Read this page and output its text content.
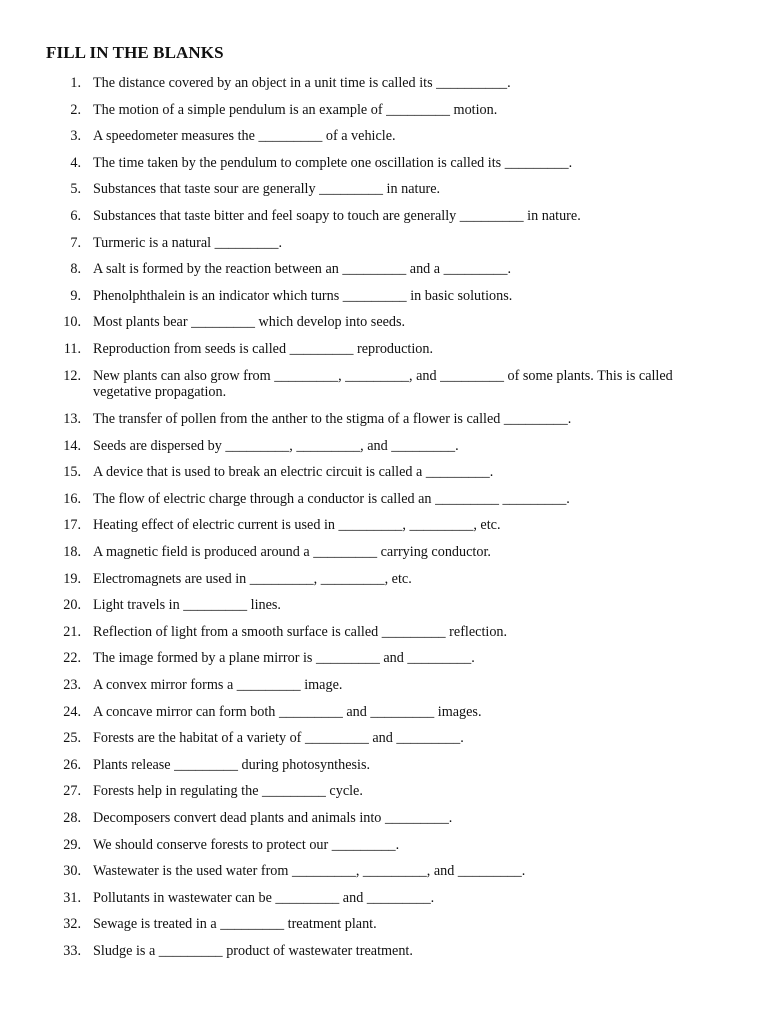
FILL IN THE BLANKS
1. The distance covered by an object in a unit time is called its __________.
2. The motion of a simple pendulum is an example of _________ motion.
3. A speedometer measures the _________ of a vehicle.
4. The time taken by the pendulum to complete one oscillation is called its _________.
5. Substances that taste sour are generally _________ in nature.
6. Substances that taste bitter and feel soapy to touch are generally _________ in nature.
7. Turmeric is a natural _________.
8. A salt is formed by the reaction between an _________ and a _________.
9. Phenolphthalein is an indicator which turns _________ in basic solutions.
10. Most plants bear _________ which develop into seeds.
11. Reproduction from seeds is called _________ reproduction.
12. New plants can also grow from _________, _________, and _________ of some plants. This is called vegetative propagation.
13. The transfer of pollen from the anther to the stigma of a flower is called _________.
14. Seeds are dispersed by _________, _________, and _________.
15. A device that is used to break an electric circuit is called a _________.
16. The flow of electric charge through a conductor is called an _________ _________.
17. Heating effect of electric current is used in _________, _________, etc.
18. A magnetic field is produced around a _________ carrying conductor.
19. Electromagnets are used in _________, _________, etc.
20. Light travels in _________ lines.
21. Reflection of light from a smooth surface is called _________ reflection.
22. The image formed by a plane mirror is _________ and _________.
23. A convex mirror forms a _________ image.
24. A concave mirror can form both _________ and _________ images.
25. Forests are the habitat of a variety of _________ and _________.
26. Plants release _________ during photosynthesis.
27. Forests help in regulating the _________ cycle.
28. Decomposers convert dead plants and animals into _________.
29. We should conserve forests to protect our _________.
30. Wastewater is the used water from _________, _________, and _________.
31. Pollutants in wastewater can be _________ and _________.
32. Sewage is treated in a _________ treatment plant.
33. Sludge is a _________ product of wastewater treatment.
